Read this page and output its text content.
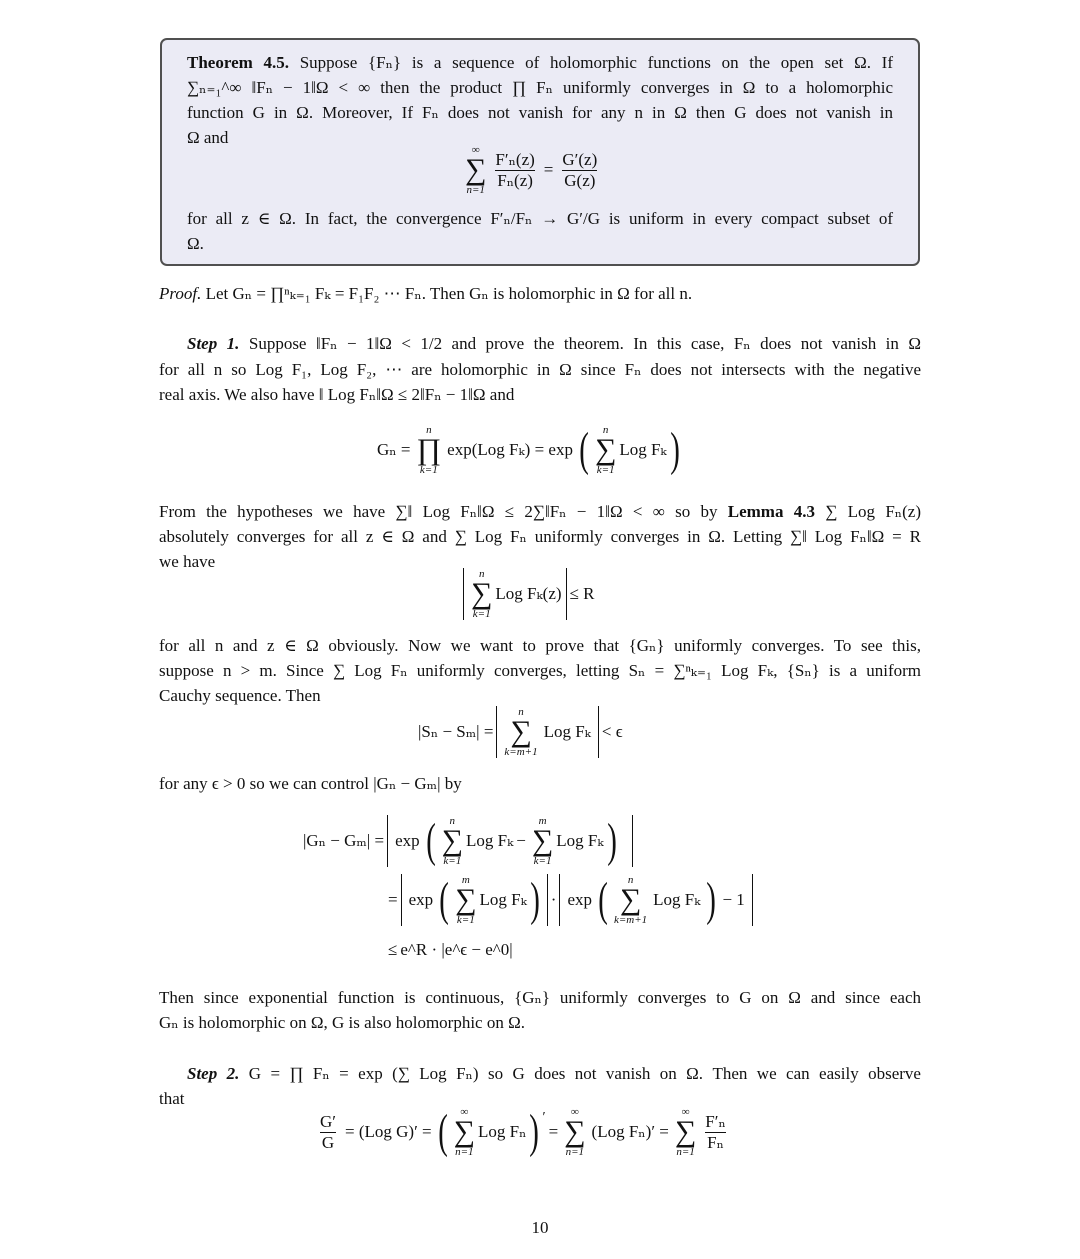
Theorem 4.5. Suppose {Fₙ} is a sequence of holomorphic functions on the open set Ω. If
∑ₙ₌₁^∞ ‖Fₙ − 1‖Ω < ∞ then the product ∏ Fₙ uniformly converges in Ω to a holomorphic
function G in Ω. Moreover, If Fₙ does not vanish for any n in Ω then G does not vanish in
Ω and
∞
∑
$n=1 \frac{\text{F′ₙ(z)}}{\text{Fₙ(z)}} = \frac{G'(z)}{G(z)}$
for all z ∈ Ω. In fact, the convergence F′ₙ/Fₙ → G′/G is uniform in every compact subset of
Ω.
Proof. Let Gₙ = ∏ⁿₖ₌₁ Fₖ = F₁F₂ ⋯ Fₙ. Then Gₙ is holomorphic in Ω for all n.
Step 1. Suppose ‖Fₙ − 1‖Ω < 1/2 and prove the theorem. In this case, Fₙ does not vanish in Ω
for all n so Log F₁, Log F₂, ⋯ are holomorphic in Ω since Fₙ does not intersects with the negative
real axis. We also have ‖ Log Fₙ‖Ω ≤ 2‖Fₙ − 1‖Ω and
Gₙ =
n
∏
k=1
exp(Log Fₖ) = exp ( n
∑
k=1
Log Fₖ )
From the hypotheses we have ∑‖ Log Fₙ‖Ω ≤ 2∑‖Fₙ − 1‖Ω < ∞ so by Lemma 4.3 ∑ Log Fₙ(z)
absolutely converges for all z ∈ Ω and ∑ Log Fₙ uniformly converges in Ω. Letting ∑‖ Log Fₙ‖Ω = R
we have
n
∑
k=1
Log Fₖ(z) ≤ R
for all n and z ∈ Ω obviously. Now we want to prove that {Gₙ} uniformly converges. To see this,
suppose n > m. Since ∑ Log Fₙ uniformly converges, letting Sₙ = ∑ⁿₖ₌₁ Log Fₖ, {Sₙ} is a uniform
Cauchy sequence. Then
|Sₙ − Sₘ| =
n
∑
k=m+1
Log Fₖ < ϵ
for any ϵ > 0 so we can control |Gₙ − Gₘ| by
|Gₙ − Gₘ| = exp ( n
∑
k=1
Log Fₖ −
m
∑
k=1
Log Fₖ )
= exp ( m
∑
k=1
Log Fₖ ) · exp ( n
∑
k=m+1
Log Fₖ ) − 1
≤ e^R · |e^ϵ − e^0|
Then since exponential function is continuous, {Gₙ} uniformly converges to G on Ω and since each
Gₙ is holomorphic on Ω, G is also holomorphic on Ω.
Step 2. G = ∏ Fₙ = exp (∑ Log Fₙ) so G does not vanish on Ω. Then we can easily observe
that
$\frac{G'}{G} = (Log$ G)′ = ( ∞
∑
n=1
Log Fₙ )′
=
∞
∑
n=1
(Log Fₙ)′ =
∞
∑
$n=1 \frac{\text{F′ₙ}}{\text{Fₙ}}$
10
